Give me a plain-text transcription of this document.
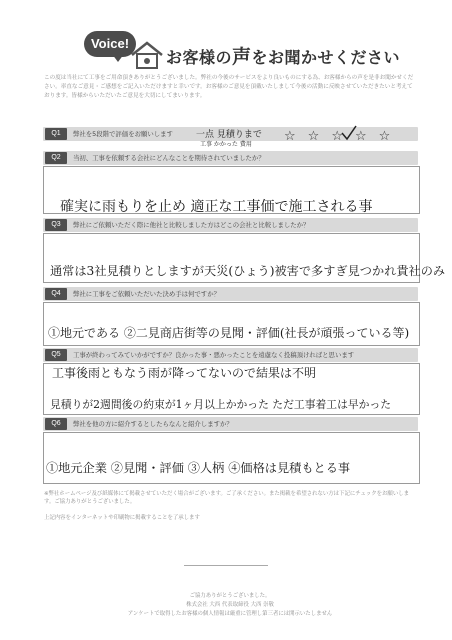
Voice!
お客様の声をお聞かせください
この度は当社にて工事をご用命頂きありがとうございました。弊社の今後のサービスをより良いものにする為、お客様からの声を是非お聞かせください。率直なご意見・ご感想をご記入いただけますと幸いです。お客様のご意見を頂戴いたしまして今後の活動に反映させていただきたいと考えております。皆様からいただいたご意見を大切にしてまいります。
Q1	弊社を5段階で評価をお願いします	一点 見積りまで
工事 かかった 費用
☆ ☆ ☆ ☆ ☆
Q2	当初、工事を依頼する会社にどんなことを期待されていましたか？
確実に雨もりを止め 適正な工事価で施工される事
Q3	弊社にご依頼いただく際に他社と比較しました方はどこの会社と比較しましたか？
通常は3社見積りとしますが天災(ひょう)被害で多すぎ見つかれ貴社のみ
Q4	弊社に工事をご依頼いただいた決め手は何ですか？
①地元である ②二見商店街等の見聞・評価(社長が頑張っている等)
Q5	工事が終わってみていかがですか？良かった事・悪かったことを遠慮なく投稿頂ければと思います
工事後雨ともなう雨が降ってないので結果は不明
見積りが2週間後の約束が1ヶ月以上かかった ただ工事着工は早かった
Q6	弊社を他の方に紹介するとしたらなんと紹介しますか？
①地元企業 ②見聞・評価 ③人柄 ④価格は見積もとる事
※弊社ホームページ及び紙媒体にて掲載させていただく場合がございます。ご了承ください。また掲載を希望されない方は下記にチェックをお願いします。ご協力ありがとうございました。
上記内容をインターネットや印刷物に掲載することを了承します
ご協力ありがとうございました。
株式会社 大西 代表取締役 大西 崇敬
アンケートで取得したお客様の個人情報は厳重に管理し第三者には開示いたしません
